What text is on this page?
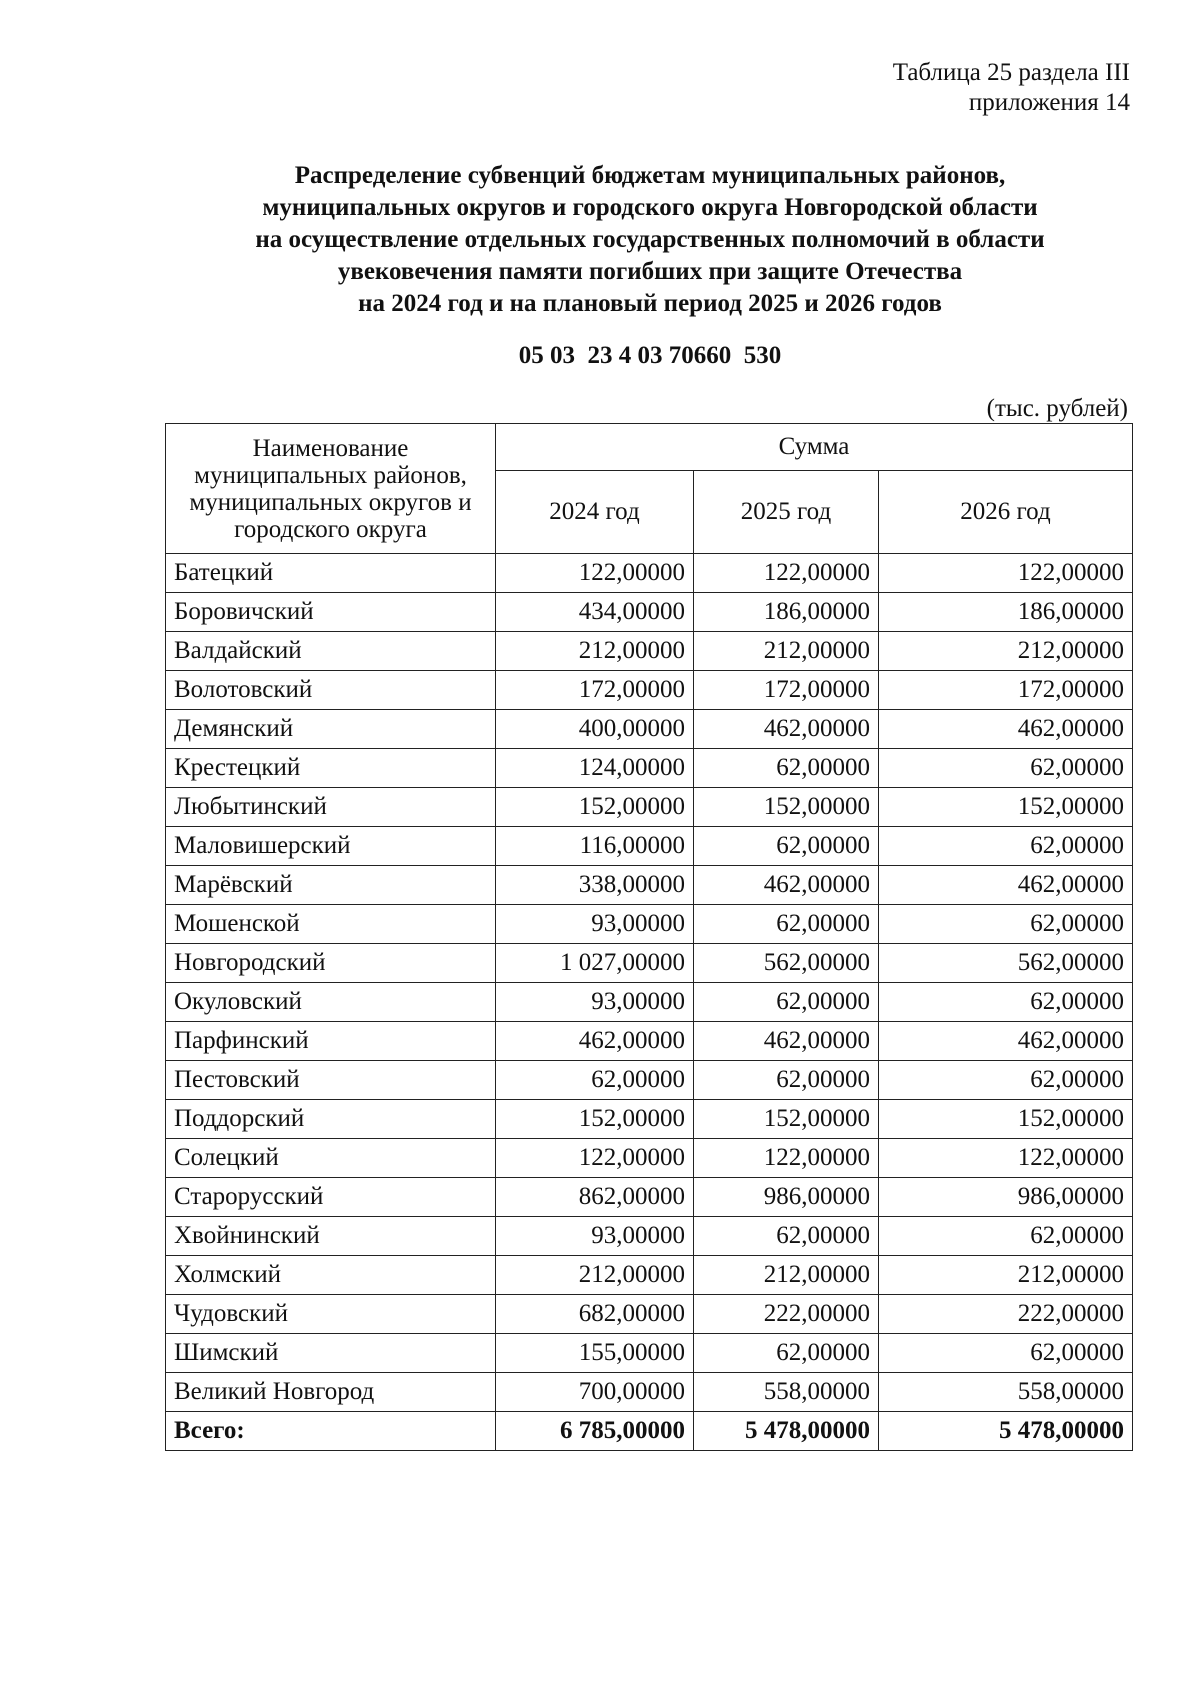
Таблица 25 раздела III
приложения 14
Распределение субвенций бюджетам муниципальных районов,
муниципальных округов и городского округа Новгородской области
на осуществление отдельных государственных полномочий в области
увековечения памяти погибших при защите Отечества
на 2024 год и на плановый период 2025 и 2026 годов
05 03  23 4 03 70660  530
(тыс. рублей)
Наименование муниципальных районов, муниципальных округов и городского округа	Сумма		
	2024 год	2025 год	2026 год
Батецкий	122,00000	122,00000	122,00000
Боровичский	434,00000	186,00000	186,00000
Валдайский	212,00000	212,00000	212,00000
Волотовский	172,00000	172,00000	172,00000
Демянский	400,00000	462,00000	462,00000
Крестецкий	124,00000	62,00000	62,00000
Любытинский	152,00000	152,00000	152,00000
Маловишерский	116,00000	62,00000	62,00000
Марёвский	338,00000	462,00000	462,00000
Мошенской	93,00000	62,00000	62,00000
Новгородский	1 027,00000	562,00000	562,00000
Окуловский	93,00000	62,00000	62,00000
Парфинский	462,00000	462,00000	462,00000
Пестовский	62,00000	62,00000	62,00000
Поддорский	152,00000	152,00000	152,00000
Солецкий	122,00000	122,00000	122,00000
Старорусский	862,00000	986,00000	986,00000
Хвойнинский	93,00000	62,00000	62,00000
Холмский	212,00000	212,00000	212,00000
Чудовский	682,00000	222,00000	222,00000
Шимский	155,00000	62,00000	62,00000
Великий Новгород	700,00000	558,00000	558,00000
Всего:	6 785,00000	5 478,00000	5 478,00000
